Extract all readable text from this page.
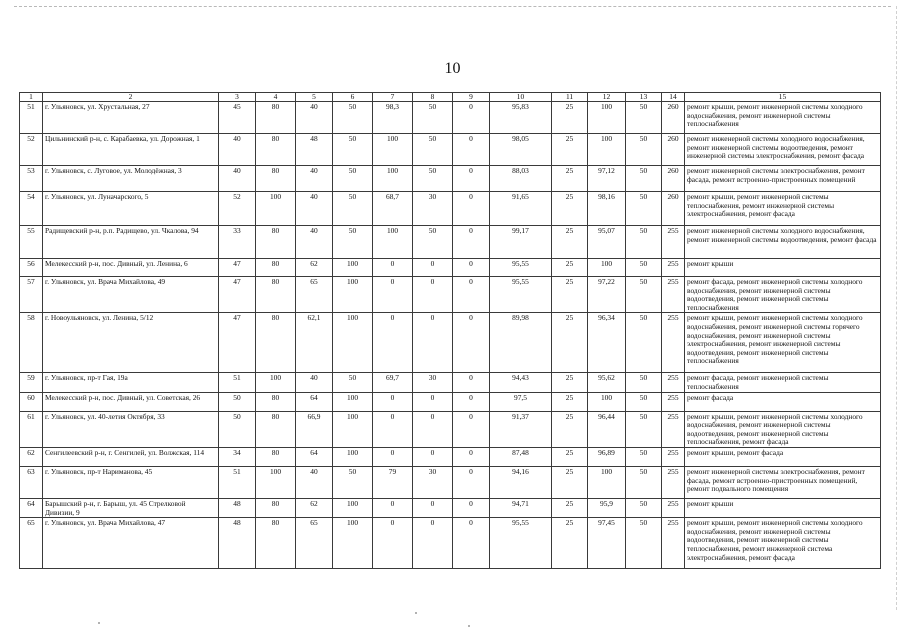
10
1	2	3	4	5	6	7	8	9	10	11	12	13	14	15
51	г. Ульяновск, ул. Хрустальная, 27	45	80	40	50	98,3	50	0	95,83	25	100	50	260	ремонт крыши, ремонт инженерной системы холодного водоснабжения, ремонт инженерной системы теплоснабжения
52	Цильнинский р-н, с. Карабаевка, ул. Дорожная, 1	40	80	48	50	100	50	0	98,05	25	100	50	260	ремонт инженерной системы холодного водоснабжения, ремонт инженерной системы водоотведения, ремонт инженерной системы электроснабжения, ремонт фасада
53	г. Ульяновск, с. Луговое, ул. Молодёжная, 3	40	80	40	50	100	50	0	88,03	25	97,12	50	260	ремонт инженерной системы электроснабжения, ремонт фасада, ремонт встроенно-пристроенных помещений
54	г. Ульяновск, ул. Луначарского, 5	52	100	40	50	68,7	30	0	91,65	25	98,16	50	260	ремонт крыши, ремонт инженерной системы теплоснабжения, ремонт инженерной системы электроснабжения, ремонт фасада
55	Радищевский р-н, р.п. Радищево, ул. Чкалова, 94	33	80	40	50	100	50	0	99,17	25	95,07	50	255	ремонт инженерной системы холодного водоснабжения, ремонт инженерной системы водоотведения, ремонт фасада
56	Мелекесский р-н, пос. Дивный, ул. Ленина, 6	47	80	62	100	0	0	0	95,55	25	100	50	255	ремонт крыши
57	г. Ульяновск, ул. Врача Михайлова, 49	47	80	65	100	0	0	0	95,55	25	97,22	50	255	ремонт фасада, ремонт инженерной системы холодного водоснабжения, ремонт инженерной системы водоотведения, ремонт инженерной системы теплоснабжения
58	г. Новоульяновск, ул. Ленина, 5/12	47	80	62,1	100	0	0	0	89,98	25	96,34	50	255	ремонт крыши, ремонт инженерной системы холодного водоснабжения, ремонт инженерной системы горячего водоснабжения, ремонт инженерной системы электроснабжения, ремонт инженерной системы водоотведения, ремонт инженерной системы теплоснабжения
59	г. Ульяновск, пр-т Гая, 19а	51	100	40	50	69,7	30	0	94,43	25	95,62	50	255	ремонт фасада, ремонт инженерной системы теплоснабжения
60	Мелекесский р-н, пос. Дивный, ул. Советская, 26	50	80	64	100	0	0	0	97,5	25	100	50	255	ремонт фасада
61	г. Ульяновск, ул. 40-летия Октября, 33	50	80	66,9	100	0	0	0	91,37	25	96,44	50	255	ремонт крыши, ремонт инженерной системы холодного водоснабжения, ремонт инженерной системы водоотведения, ремонт инженерной системы теплоснабжения, ремонт фасада
62	Сенгилеевский р-н, г. Сенгилей, ул. Волжская, 114	34	80	64	100	0	0	0	87,48	25	96,89	50	255	ремонт крыши, ремонт фасада
63	г. Ульяновск, пр-т Нариманова, 45	51	100	40	50	79	30	0	94,16	25	100	50	255	ремонт инженерной системы электроснабжения, ремонт фасада, ремонт встроенно-пристроенных помещений, ремонт подвального помещения
64	Барышский р-н, г. Барыш, ул. 45 Стрелковой Дивизии, 9	48	80	62	100	0	0	0	94,71	25	95,9	50	255	ремонт крыши
65	г. Ульяновск, ул. Врача Михайлова, 47	48	80	65	100	0	0	0	95,55	25	97,45	50	255	ремонт крыши, ремонт инженерной системы холодного водоснабжения, ремонт инженерной системы водоотведения, ремонт инженерной системы теплоснабжения, ремонт инженерной система электроснабжения, ремонт фасада
